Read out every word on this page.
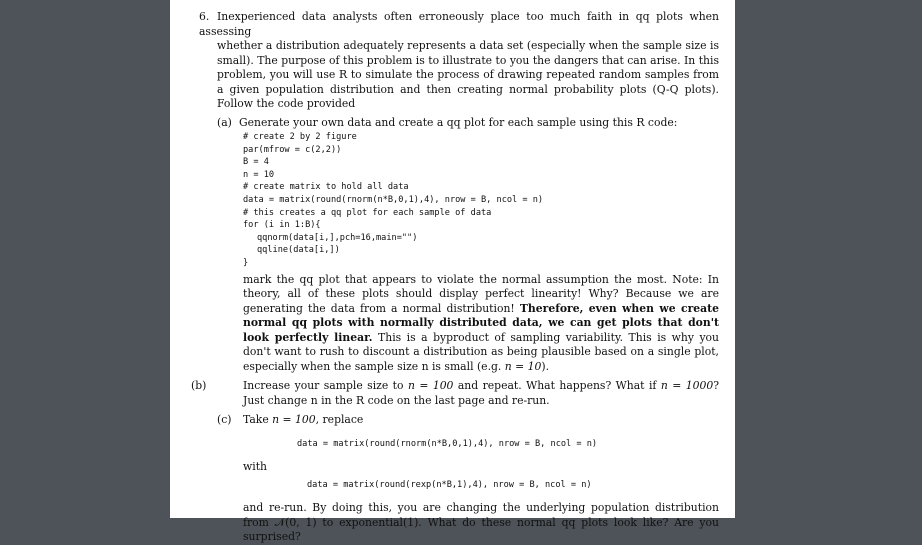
6. Inexperienced data analysts often erroneously place too much faith in qq plots when assessing
whether a distribution adequately represents a data set (especially when the sample size is small). The purpose of this problem is to illustrate to you the dangers that can arise. In this problem, you will use R to simulate the process of drawing repeated random samples from a given population distribution and then creating normal probability plots (Q-Q plots). Follow the code provided

(a) Generate your own data and create a qq plot for each sample using this R code:

# create 2 by 2 figure
par(mfrow = c(2,2))
B = 4
n = 10
# create matrix to hold all data
data = matrix(round(rnorm(n*B,0,1),4), nrow = B, ncol = n)
# this creates a qq plot for each sample of data
for (i in 1:B){
qqnorm(data[i,],pch=16,main="")
qqline(data[i,])
}

mark the qq plot that appears to violate the normal assumption the most. Note: In theory, all of these plots should display perfect linearity! Why? Because we are generating the data from a normal distribution! Therefore, even when we create normal qq plots with normally distributed data, we can get plots that don't look perfectly linear. This is a byproduct of sampling variability. This is why you don't want to rush to discount a distribution as being plausible based on a single plot, especially when the sample size n is small (e.g. n = 10).

(b)	Increase your sample size to n = 100 and repeat. What happens? What if n = 1000? Just change n in the R code on the last page and re-run.

(c) Take n = 100, replace

data = matrix(round(rnorm(n*B,0,1),4), nrow = B, ncol = n)

with

data = matrix(round(rexp(n*B,1),4), nrow = B, ncol = n)

and re-run. By doing this, you are changing the underlying population distribution from 𝒩(0, 1) to exponential(1). What do these normal qq plots look like? Are you surprised?
